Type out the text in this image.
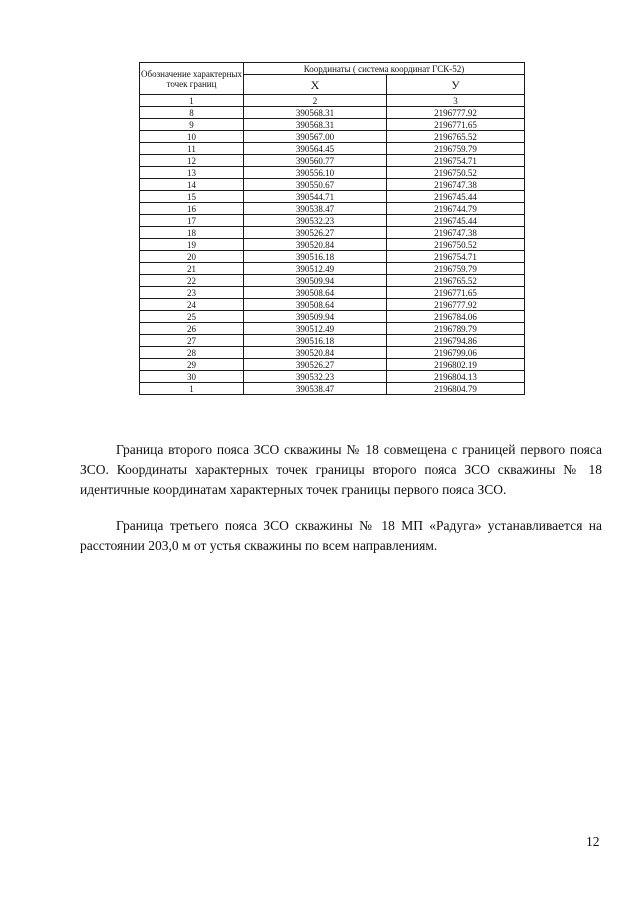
Обозначение характерных точек границ	Координаты ( система координат ГСК-52)	
	X	У
1	2	3
8	390568.31	2196777.92
9	390568.31	2196771.65
10	390567.00	2196765.52
11	390564.45	2196759.79
12	390560.77	2196754.71
13	390556.10	2196750.52
14	390550.67	2196747.38
15	390544.71	2196745.44
16	390538.47	2196744.79
17	390532.23	2196745.44
18	390526.27	2196747.38
19	390520.84	2196750.52
20	390516.18	2196754.71
21	390512.49	2196759.79
22	390509.94	2196765.52
23	390508.64	2196771.65
24	390508.64	2196777.92
25	390509.94	2196784.06
26	390512.49	2196789.79
27	390516.18	2196794.86
28	390520.84	2196799.06
29	390526.27	2196802.19
30	390532.23	2196804.13
1	390538.47	2196804.79

Граница второго пояса ЗСО скважины № 18 совмещена с границей первого пояса ЗСО. Координаты характерных точек границы второго пояса ЗСО скважины № 18 идентичные координатам характерных точек границы первого пояса ЗСО.

Граница третьего пояса ЗСО скважины № 18 МП «Радуга» устанавливается на расстоянии 203,0 м от устья скважины по всем направлениям.

12
